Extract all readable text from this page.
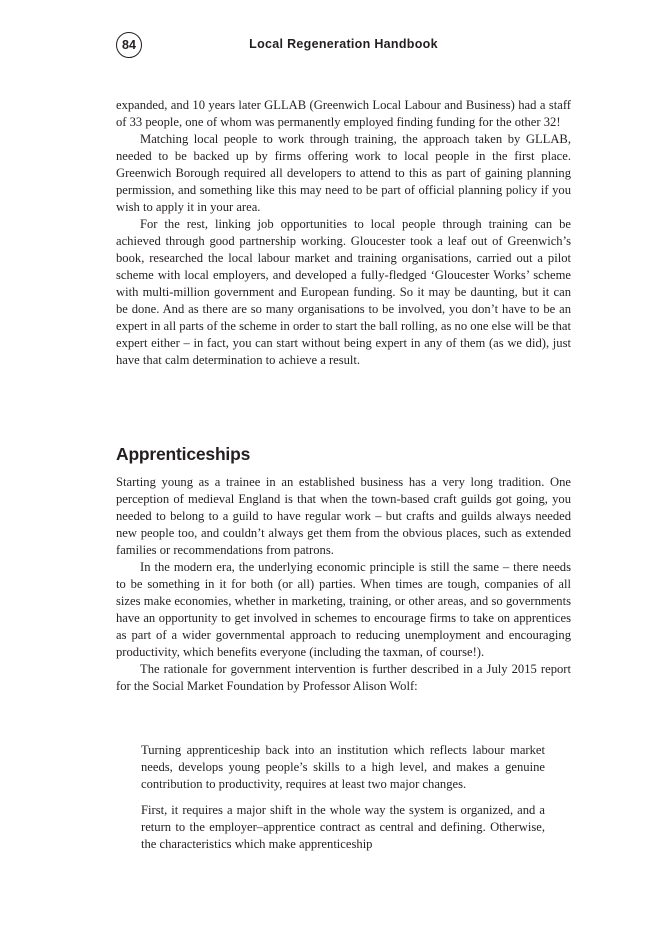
84	Local Regeneration Handbook

expanded, and 10 years later GLLAB (Greenwich Local Labour and Business) had a staff of 33 people, one of whom was permanently employed finding funding for the other 32!

Matching local people to work through training, the approach taken by GLLAB, needed to be backed up by firms offering work to local people in the first place. Greenwich Borough required all developers to attend to this as part of gaining planning permission, and something like this may need to be part of official planning policy if you wish to apply it in your area.

For the rest, linking job opportunities to local people through training can be achieved through good partnership working. Gloucester took a leaf out of Greenwich’s book, researched the local labour market and training organisations, carried out a pilot scheme with local employers, and developed a fully-fledged ‘Gloucester Works’ scheme with multi-million government and European funding. So it may be daunting, but it can be done. And as there are so many organisations to be involved, you don’t have to be an expert in all parts of the scheme in order to start the ball rolling, as no one else will be that expert either – in fact, you can start without being expert in any of them (as we did), just have that calm determination to achieve a result.

Apprenticeships

Starting young as a trainee in an established business has a very long tradition. One perception of medieval England is that when the town-based craft guilds got going, you needed to belong to a guild to have regular work – but crafts and guilds always needed new people too, and couldn’t always get them from the obvious places, such as extended families or recommendations from patrons.

In the modern era, the underlying economic principle is still the same – there needs to be something in it for both (or all) parties. When times are tough, companies of all sizes make economies, whether in marketing, training, or other areas, and so governments have an opportunity to get involved in schemes to encourage firms to take on apprentices as part of a wider governmental approach to reducing unemployment and encouraging productivity, which benefits everyone (including the taxman, of course!).

The rationale for government intervention is further described in a July 2015 report for the Social Market Foundation by Professor Alison Wolf:

Turning apprenticeship back into an institution which reflects labour market needs, develops young people’s skills to a high level, and makes a genuine contribution to productivity, requires at least two major changes.

First, it requires a major shift in the whole way the system is organized, and a return to the employer–apprentice contract as central and defining. Otherwise, the characteristics which make apprenticeship
